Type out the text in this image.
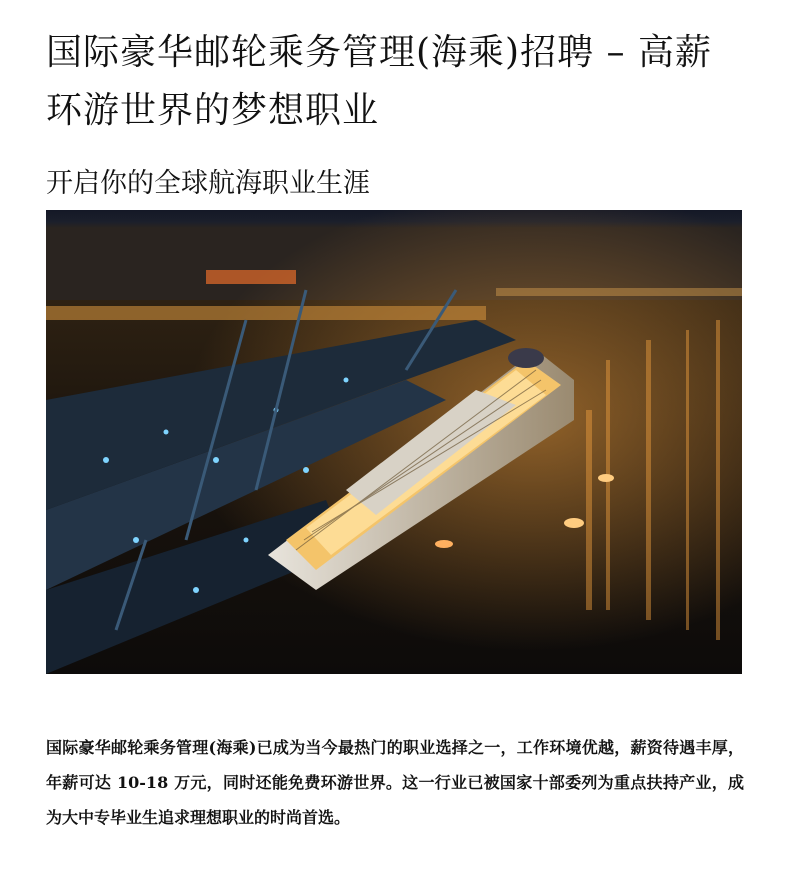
国际豪华邮轮乘务管理(海乘)招聘 – 高薪环游世界的梦想职业
开启你的全球航海职业生涯

国际豪华邮轮乘务管理(海乘)已成为当今最热门的职业选择之一，工作环境优越，薪资待遇丰厚，年薪可达 10-18 万元，同时还能免费环游世界。这一行业已被国家十部委列为重点扶持产业，成为大中专毕业生追求理想职业的时尚首选。
